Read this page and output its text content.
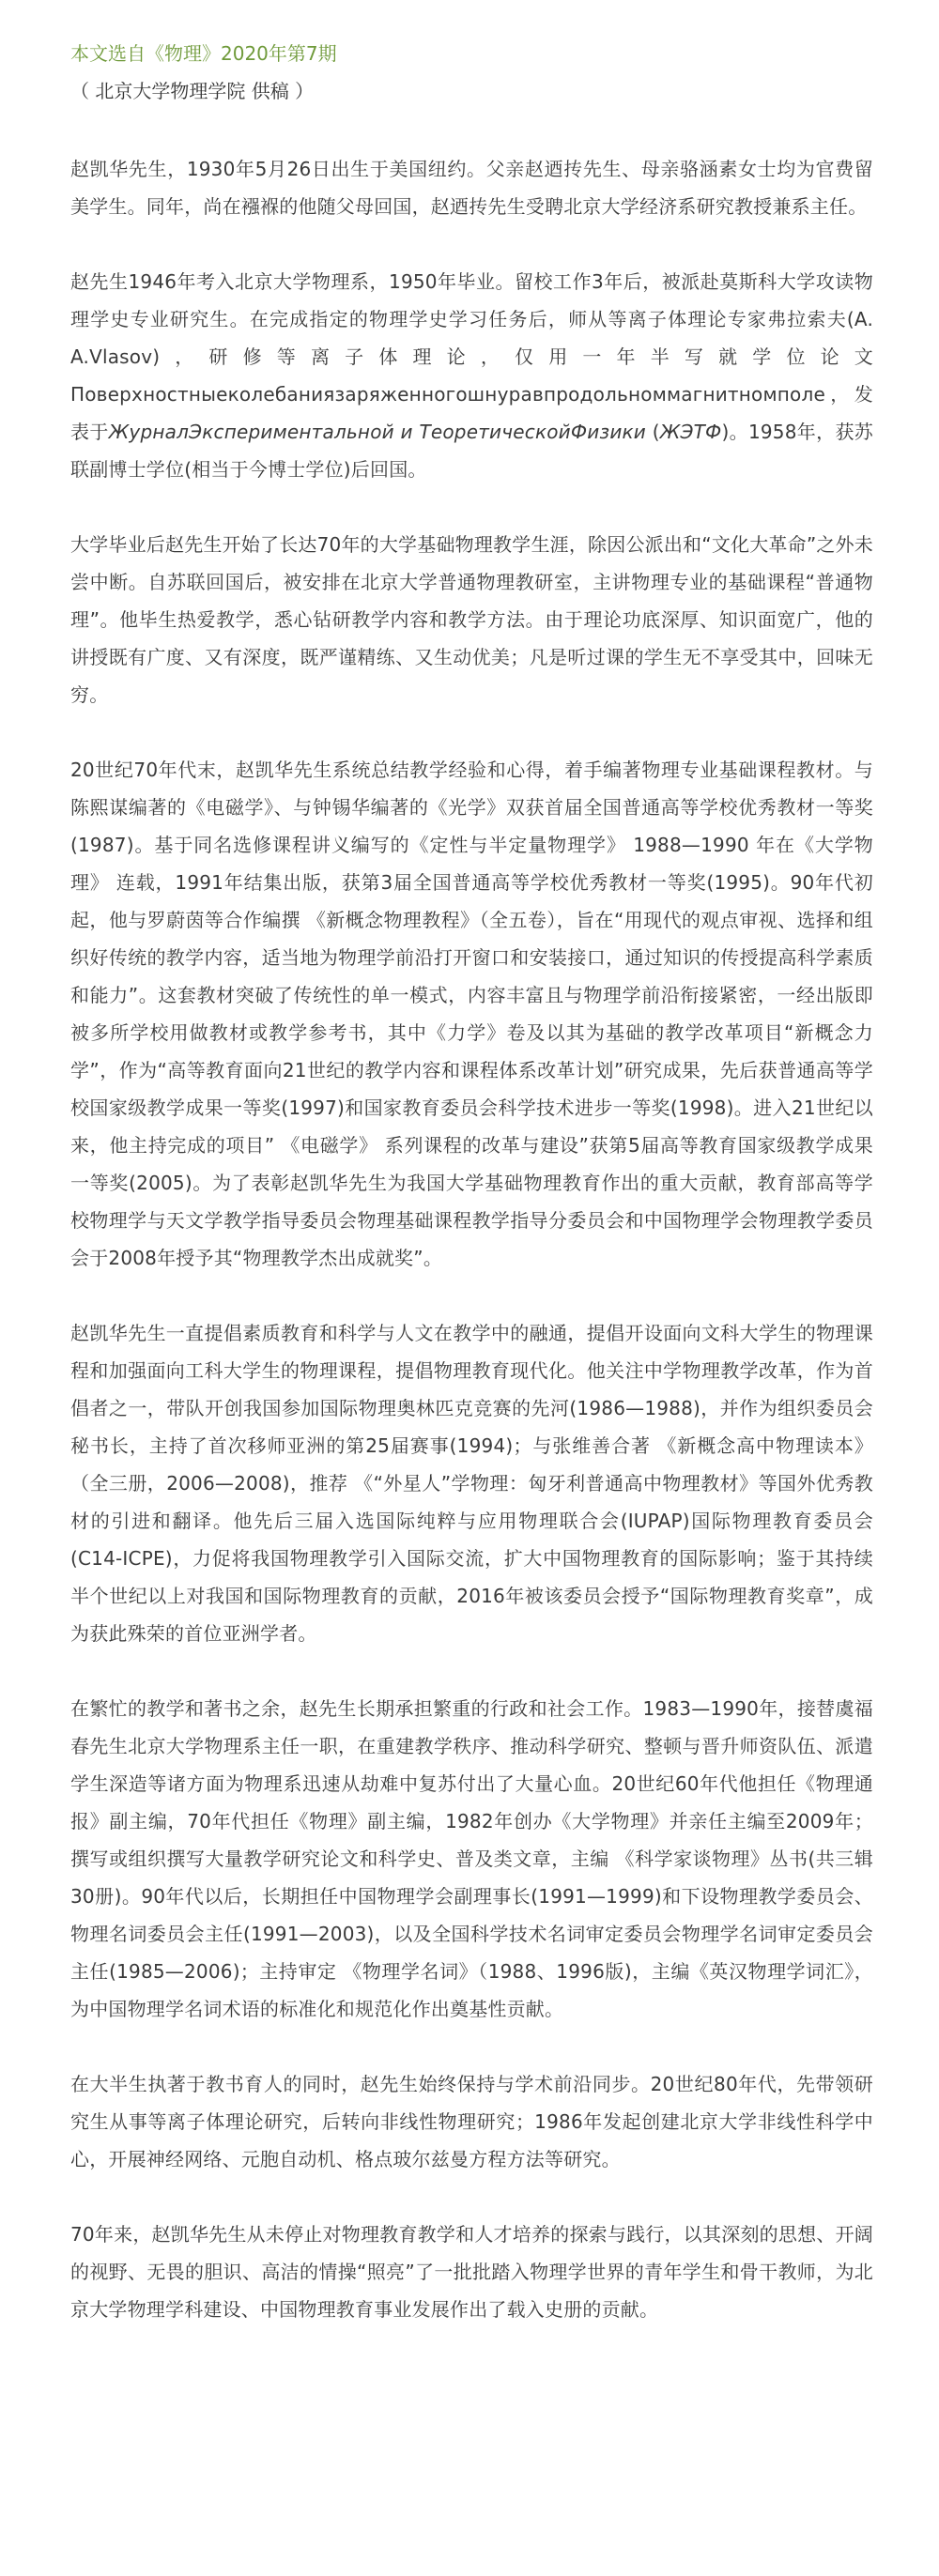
本文选自《物理》2020年第7期

（ 北京大学物理学院 供稿 ）

赵凯华先生，1930年5月26日出生于美国纽约。父亲赵迺抟先生、母亲骆涵素女士均为官费留美学生。同年，尚在襁褓的他随父母回国，赵迺抟先生受聘北京大学经济系研究教授兼系主任。

赵先生1946年考入北京大学物理系，1950年毕业。留校工作3年后，被派赴莫斯科大学攻读物理学史专业研究生。在完成指定的物理学史学习任务后，师从等离子体理论专家弗拉索夫(A. A.Vlasov)，研修等离子体理论，仅用一年半写就学位论文Поверхностныеколебаниязаряженногошнуравпродольноммагнитномполе，发表于ЖурналЭкспериментальной и ТеоретическойФизики (ЖЭТФ)。1958年，获苏联副博士学位(相当于今博士学位)后回国。

大学毕业后赵先生开始了长达70年的大学基础物理教学生涯，除因公派出和“文化大革命”之外未尝中断。自苏联回国后，被安排在北京大学普通物理教研室，主讲物理专业的基础课程“普通物理”。他毕生热爱教学，悉心钻研教学内容和教学方法。由于理论功底深厚、知识面宽广，他的讲授既有广度、又有深度，既严谨精练、又生动优美；凡是听过课的学生无不享受其中，回味无穷。

20世纪70年代末，赵凯华先生系统总结教学经验和心得，着手编著物理专业基础课程教材。与陈熙谋编著的《电磁学》、与钟锡华编著的《光学》双获首届全国普通高等学校优秀教材一等奖(1987)。基于同名选修课程讲义编写的《定性与半定量物理学》 1988—1990 年在《大学物理》 连载，1991年结集出版，获第3届全国普通高等学校优秀教材一等奖(1995)。90年代初起，他与罗蔚茵等合作编撰 《新概念物理教程》（全五卷），旨在“用现代的观点审视、选择和组织好传统的教学内容，适当地为物理学前沿打开窗口和安装接口，通过知识的传授提高科学素质和能力”。这套教材突破了传统性的单一模式，内容丰富且与物理学前沿衔接紧密，一经出版即被多所学校用做教材或教学参考书，其中《力学》卷及以其为基础的教学改革项目“新概念力学”，作为“高等教育面向21世纪的教学内容和课程体系改革计划”研究成果，先后获普通高等学校国家级教学成果一等奖(1997)和国家教育委员会科学技术进步一等奖(1998)。进入21世纪以来，他主持完成的项目” 《电磁学》 系列课程的改革与建设”获第5届高等教育国家级教学成果一等奖(2005)。为了表彰赵凯华先生为我国大学基础物理教育作出的重大贡献，教育部高等学校物理学与天文学教学指导委员会物理基础课程教学指导分委员会和中国物理学会物理教学委员会于2008年授予其“物理教学杰出成就奖”。

赵凯华先生一直提倡素质教育和科学与人文在教学中的融通，提倡开设面向文科大学生的物理课程和加强面向工科大学生的物理课程，提倡物理教育现代化。他关注中学物理教学改革，作为首倡者之一，带队开创我国参加国际物理奥林匹克竞赛的先河(1986—1988)，并作为组织委员会秘书长，主持了首次移师亚洲的第25届赛事(1994)；与张维善合著 《新概念高中物理读本》（全三册，2006—2008)，推荐 《“外星人”学物理：匈牙利普通高中物理教材》等国外优秀教材的引进和翻译。他先后三届入选国际纯粹与应用物理联合会(IUPAP)国际物理教育委员会(C14-ICPE)，力促将我国物理教学引入国际交流，扩大中国物理教育的国际影响；鉴于其持续半个世纪以上对我国和国际物理教育的贡献，2016年被该委员会授予“国际物理教育奖章”，成为获此殊荣的首位亚洲学者。

在繁忙的教学和著书之余，赵先生长期承担繁重的行政和社会工作。1983—1990年，接替虞福春先生北京大学物理系主任一职，在重建教学秩序、推动科学研究、整顿与晋升师资队伍、派遣学生深造等诸方面为物理系迅速从劫难中复苏付出了大量心血。20世纪60年代他担任《物理通报》副主编，70年代担任《物理》副主编，1982年创办《大学物理》并亲任主编至2009年；撰写或组织撰写大量教学研究论文和科学史、普及类文章，主编 《科学家谈物理》丛书(共三辑30册)。90年代以后，长期担任中国物理学会副理事长(1991—1999)和下设物理教学委员会、物理名词委员会主任(1991—2003)，以及全国科学技术名词审定委员会物理学名词审定委员会主任(1985—2006)；主持审定 《物理学名词》（1988、1996版)，主编《英汉物理学词汇》，为中国物理学名词术语的标准化和规范化作出奠基性贡献。

在大半生执著于教书育人的同时，赵先生始终保持与学术前沿同步。20世纪80年代，先带领研究生从事等离子体理论研究，后转向非线性物理研究；1986年发起创建北京大学非线性科学中心，开展神经网络、元胞自动机、格点玻尔兹曼方程方法等研究。

70年来，赵凯华先生从未停止对物理教育教学和人才培养的探索与践行，以其深刻的思想、开阔的视野、无畏的胆识、高洁的情操“照亮”了一批批踏入物理学世界的青年学生和骨干教师，为北京大学物理学科建设、中国物理教育事业发展作出了载入史册的贡献。
